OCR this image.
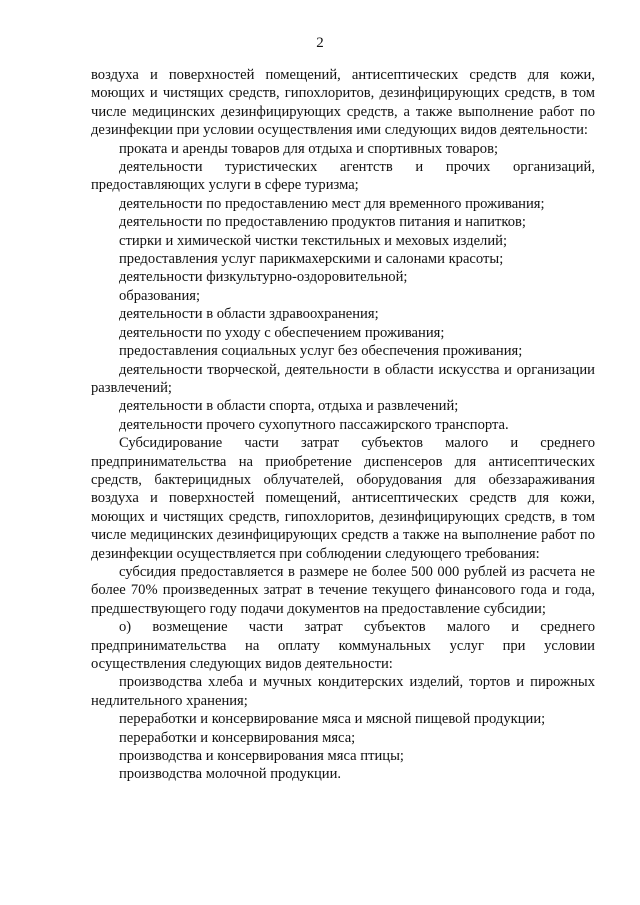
2

воздуха и поверхностей помещений, антисептических средств для кожи, моющих и чистящих средств, гипохлоритов, дезинфицирующих средств, в том числе медицинских дезинфицирующих средств, а также выполнение работ по дезинфекции при условии осуществления ими следующих видов деятельности:

проката и аренды товаров для отдыха и спортивных товаров;

деятельности туристических агентств и прочих организаций, предоставляющих услуги в сфере туризма;

деятельности по предоставлению мест для временного проживания;

деятельности по предоставлению продуктов питания и напитков;

стирки и химической чистки текстильных и меховых изделий;

предоставления услуг парикмахерскими и салонами красоты;

деятельности физкультурно-оздоровительной;

образования;

деятельности в области здравоохранения;

деятельности по уходу с обеспечением проживания;

предоставления социальных услуг без обеспечения проживания;

деятельности творческой, деятельности в области искусства и организации развлечений;

деятельности в области спорта, отдыха и развлечений;

деятельности прочего сухопутного пассажирского транспорта.

Субсидирование части затрат субъектов малого и среднего предпринимательства на приобретение диспенсеров для антисептических средств, бактерицидных облучателей, оборудования для обеззараживания воздуха и поверхностей помещений, антисептических средств для кожи, моющих и чистящих средств, гипохлоритов, дезинфицирующих средств, в том числе медицинских дезинфицирующих средств а также на выполнение работ по дезинфекции осуществляется при соблюдении следующего требования:

субсидия предоставляется в размере не более 500 000 рублей из расчета не более 70% произведенных затрат в течение текущего финансового года и года, предшествующего году подачи документов на предоставление субсидии;

о) возмещение части затрат субъектов малого и среднего предпринимательства на оплату коммунальных услуг при условии осуществления следующих видов деятельности:

производства хлеба и мучных кондитерских изделий, тортов и пирожных недлительного хранения;

переработки и консервирование мяса и мясной пищевой продукции;

переработки и консервирования мяса;

производства и консервирования мяса птицы;

производства молочной продукции.
